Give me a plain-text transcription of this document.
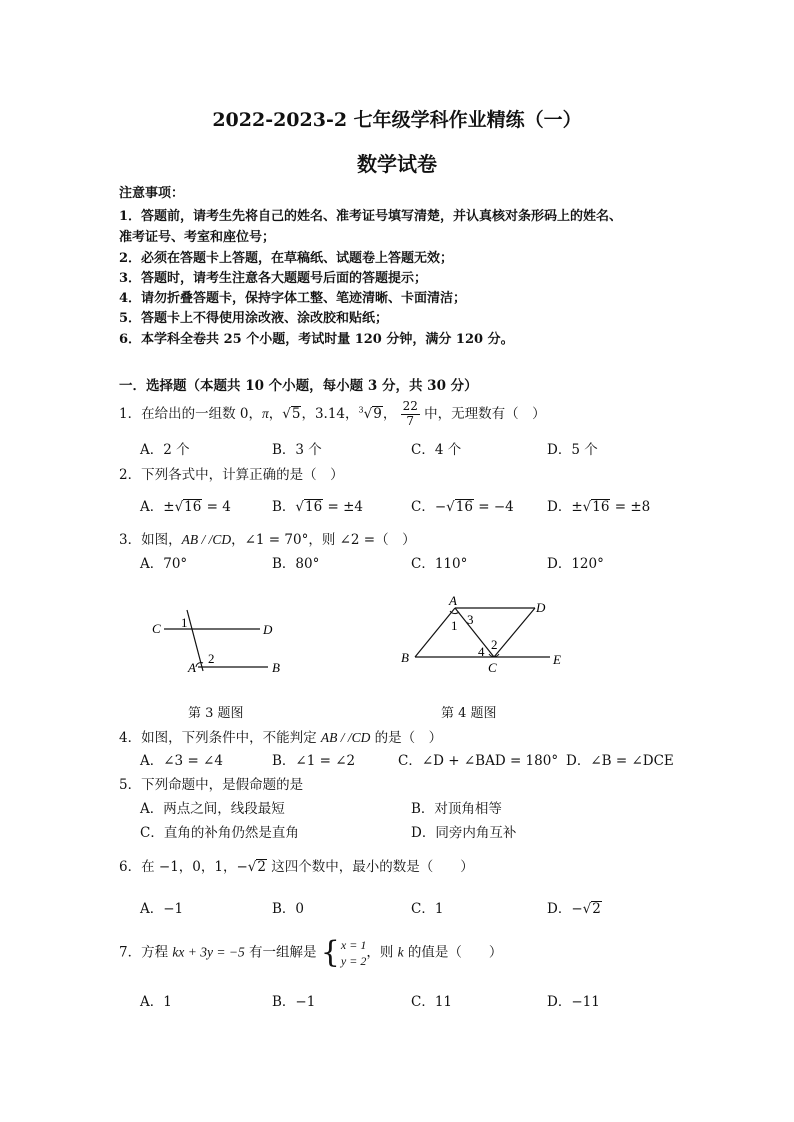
2022-2023-2 七年级学科作业精练（一）
数学试卷
注意事项：
1．答题前，请考生先将自己的姓名、准考证号填写清楚，并认真核对条形码上的姓名、
准考证号、考室和座位号；
2．必须在答题卡上答题，在草稿纸、试题卷上答题无效；
3．答题时，请考生注意各大题题号后面的答题提示；
4．请勿折叠答题卡，保持字体工整、笔迹清晰、卡面清洁；
5．答题卡上不得使用涂改液、涂改胶和贴纸；
6．本学科全卷共 25 个小题，考试时量 120 分钟，满分 120 分。
一．选择题（本题共 10 个小题，每小题 3 分，共 30 分）
1．在给出的一组数 0，π，√5，3.14，$^3$√9， $\frac{22}{7}$ 中，无理数有（　）
A．2 个	B．3 个	C．4 个	D．5 个
2．下列各式中，计算正确的是（　）
A．±√16 = 4	B．√16 = ±4	C．−√16 = −4 D．±√16 = ±8
3．如图，AB / /CD，∠1 = 70°，则 ∠2 =（　）
A．70°	B．80°	C．110°	D．120°
C	D
A	B
1
2
第 3 题图
A	D
B
C
E
1 3
2
4
第 4 题图
4．如图，下列条件中，不能判定 AB / /CD 的是（　）
A．∠3 = ∠4	B．∠1 = ∠2	C．∠D + ∠BAD = 180° D．∠B = ∠DCE
5．下列命题中，是假命题的是
A．两点之间，线段最短	B．对顶角相等
C．直角的补角仍然是直角	D．同旁内角互补
6．在 −1，0，1，−√2 这四个数中，最小的数是（　　）
A．−1	B．0	C．1	D．−√2
7．方程 kx + 3y = −5 有一组解是 { x = 1
y = 2
，则 k 的值是（　　）
A．1	B．−1	C．11	D．−11
